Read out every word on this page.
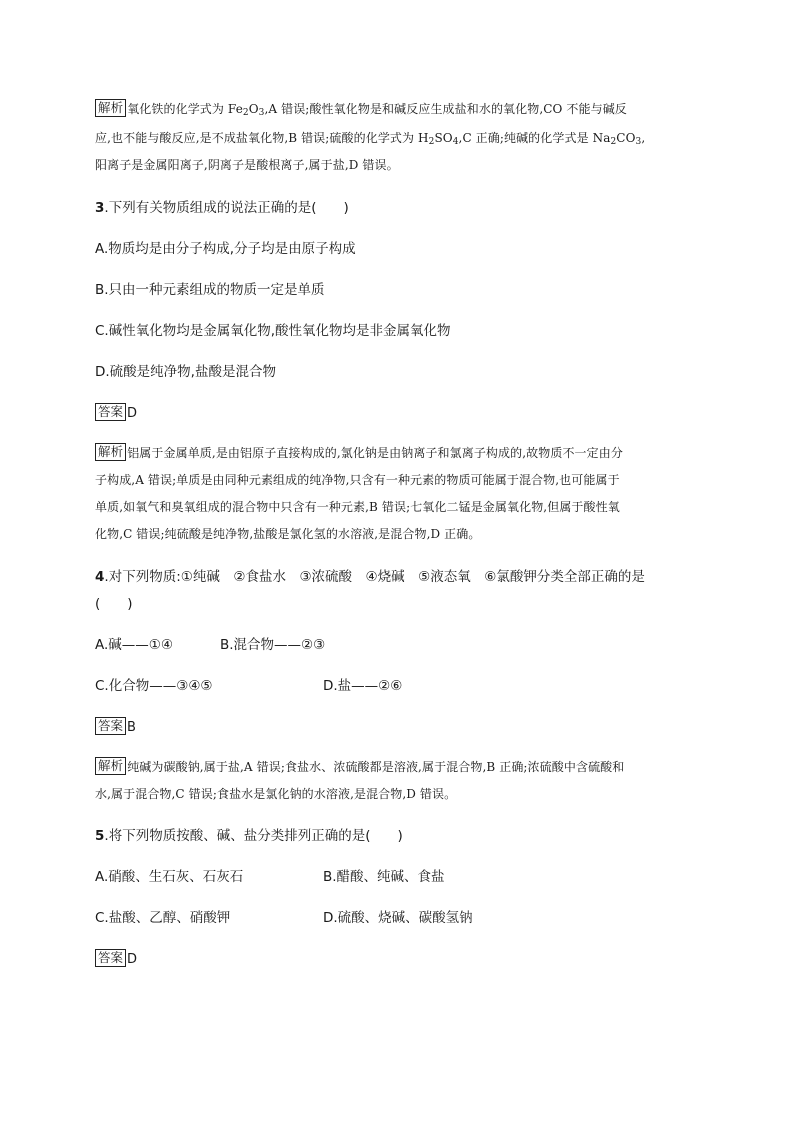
解析 氧化铁的化学式为 $Fe_2O_3,A$ 错误;酸性氧化物是和碱反应生成盐和水的氧化物,CO 不能与碱反
应,也不能与酸反应,是不成盐氧化物,B 错误;硫酸的化学式为 $H_2SO_4,C$ 正确;纯碱的化学式是 $Na_2CO_3$,
阳离子是金属阳离子,阴离子是酸根离子,属于盐,D 错误。
3.下列有关物质组成的说法正确的是(　　)
A.物质均是由分子构成,分子均是由原子构成
B.只由一种元素组成的物质一定是单质
C.碱性氧化物均是金属氧化物,酸性氧化物均是非金属氧化物
D.硫酸是纯净物,盐酸是混合物
答案 D
解析 铝属于金属单质,是由铝原子直接构成的,氯化钠是由钠离子和氯离子构成的,故物质不一定由分
子构成,A 错误;单质是由同种元素组成的纯净物,只含有一种元素的物质可能属于混合物,也可能属于
单质,如氧气和臭氧组成的混合物中只含有一种元素,B 错误;七氧化二锰是金属氧化物,但属于酸性氧
化物,C 错误;纯硫酸是纯净物,盐酸是氯化氢的水溶液,是混合物,D 正确。
4.对下列物质:①纯碱　②食盐水　③浓硫酸　④烧碱　⑤液态氧　⑥氯酸钾分类全部正确的是
(　　)
A.碱——①④	B.混合物——②③
C.化合物——③④⑤	D.盐——②⑥
答案 B
解析 纯碱为碳酸钠,属于盐,A 错误;食盐水、浓硫酸都是溶液,属于混合物,B 正确;浓硫酸中含硫酸和
水,属于混合物,C 错误;食盐水是氯化钠的水溶液,是混合物,D 错误。
5.将下列物质按酸、碱、盐分类排列正确的是(　　)
A.硝酸、生石灰、石灰石	B.醋酸、纯碱、食盐
C.盐酸、乙醇、硝酸钾	D.硫酸、烧碱、碳酸氢钠
答案 D
